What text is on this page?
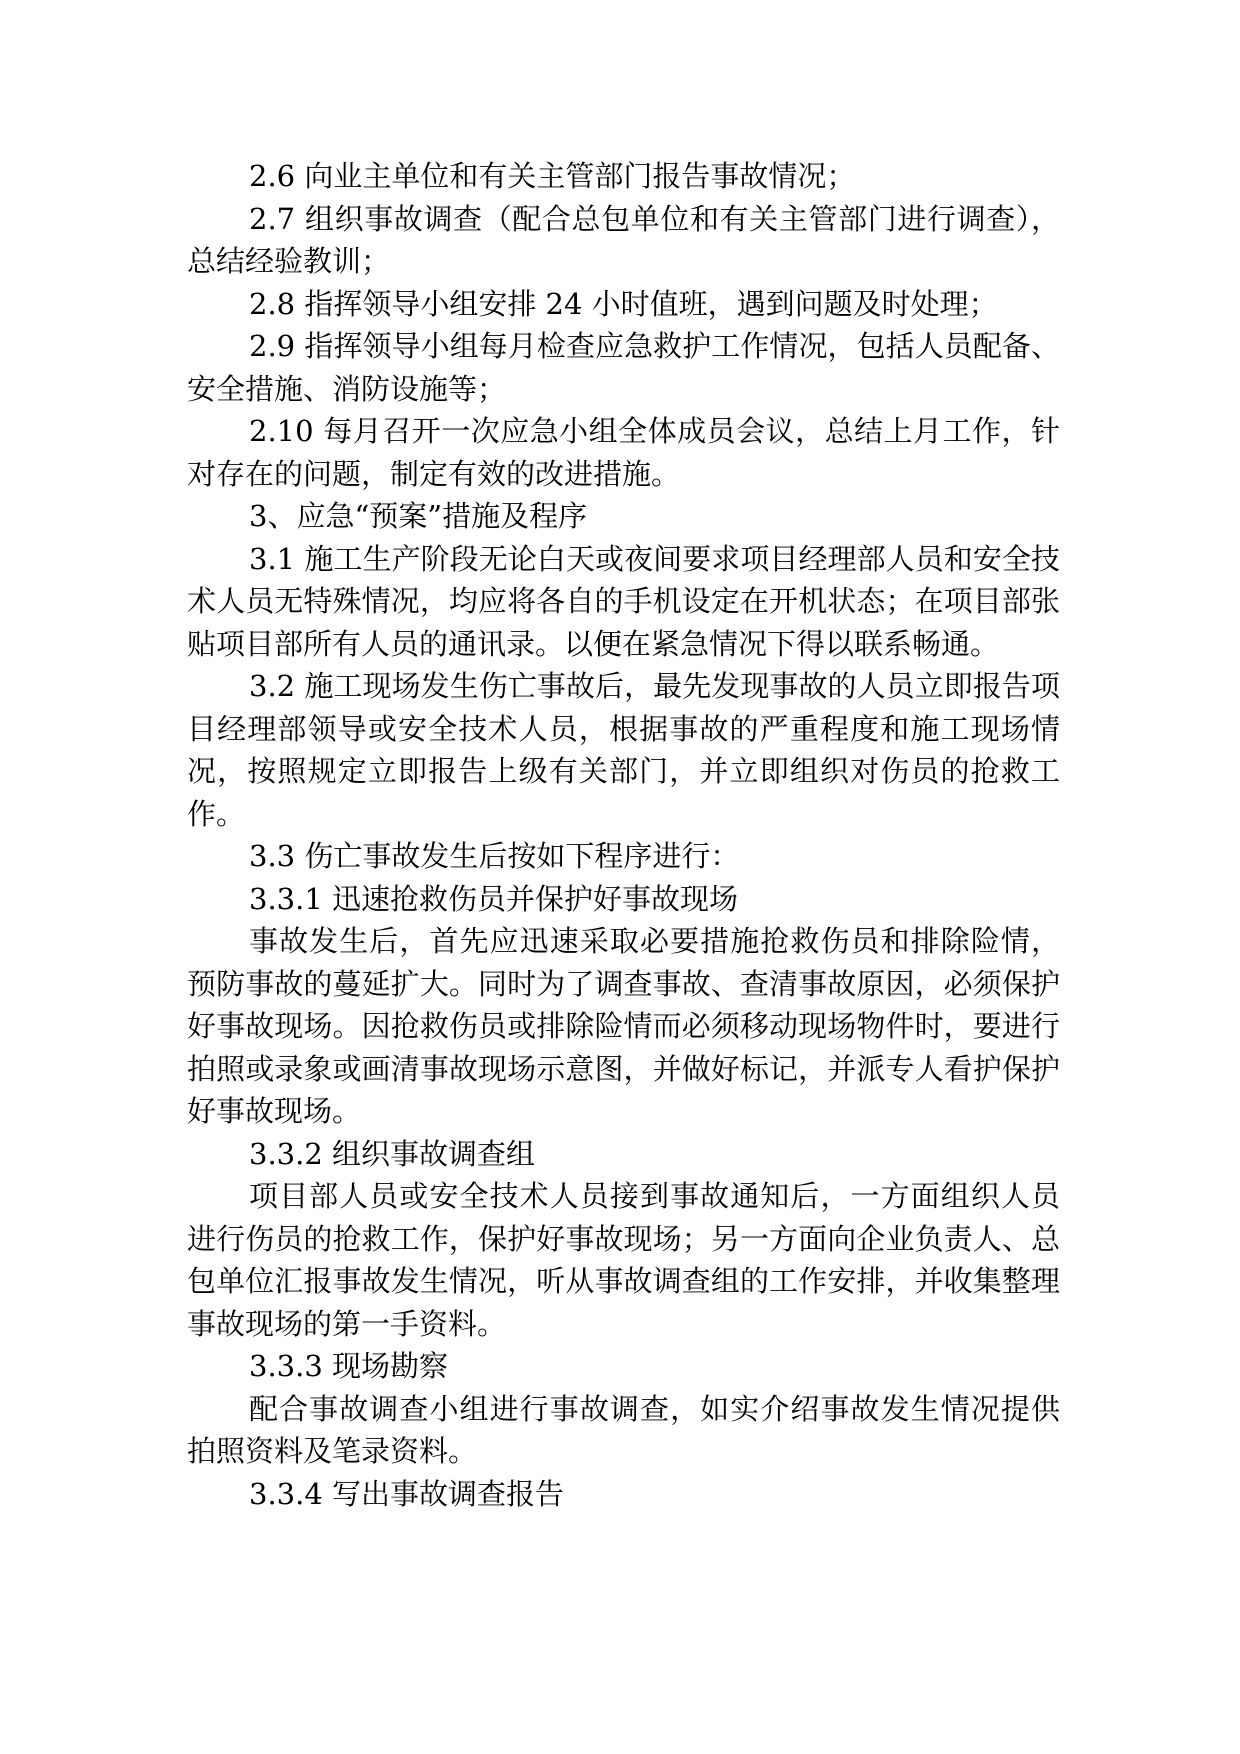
2.6 向业主单位和有关主管部门报告事故情况；

2.7 组织事故调查（配合总包单位和有关主管部门进行调查），总结经验教训；

2.8 指挥领导小组安排 24 小时值班，遇到问题及时处理；

2.9 指挥领导小组每月检查应急救护工作情况，包括人员配备、安全措施、消防设施等；

2.10 每月召开一次应急小组全体成员会议，总结上月工作，针对存在的问题，制定有效的改进措施。

3、应急“预案”措施及程序

3.1 施工生产阶段无论白天或夜间要求项目经理部人员和安全技术人员无特殊情况，均应将各自的手机设定在开机状态；在项目部张贴项目部所有人员的通讯录。以便在紧急情况下得以联系畅通。

3.2 施工现场发生伤亡事故后，最先发现事故的人员立即报告项目经理部领导或安全技术人员，根据事故的严重程度和施工现场情况，按照规定立即报告上级有关部门，并立即组织对伤员的抢救工作。

3.3 伤亡事故发生后按如下程序进行：

3.3.1 迅速抢救伤员并保护好事故现场

事故发生后，首先应迅速采取必要措施抢救伤员和排除险情，预防事故的蔓延扩大。同时为了调查事故、查清事故原因，必须保护好事故现场。因抢救伤员或排除险情而必须移动现场物件时，要进行拍照或录象或画清事故现场示意图，并做好标记，并派专人看护保护好事故现场。

3.3.2 组织事故调查组

项目部人员或安全技术人员接到事故通知后，一方面组织人员进行伤员的抢救工作，保护好事故现场；另一方面向企业负责人、总包单位汇报事故发生情况，听从事故调查组的工作安排，并收集整理事故现场的第一手资料。

3.3.3 现场勘察

配合事故调查小组进行事故调查，如实介绍事故发生情况提供拍照资料及笔录资料。

3.3.4 写出事故调查报告
